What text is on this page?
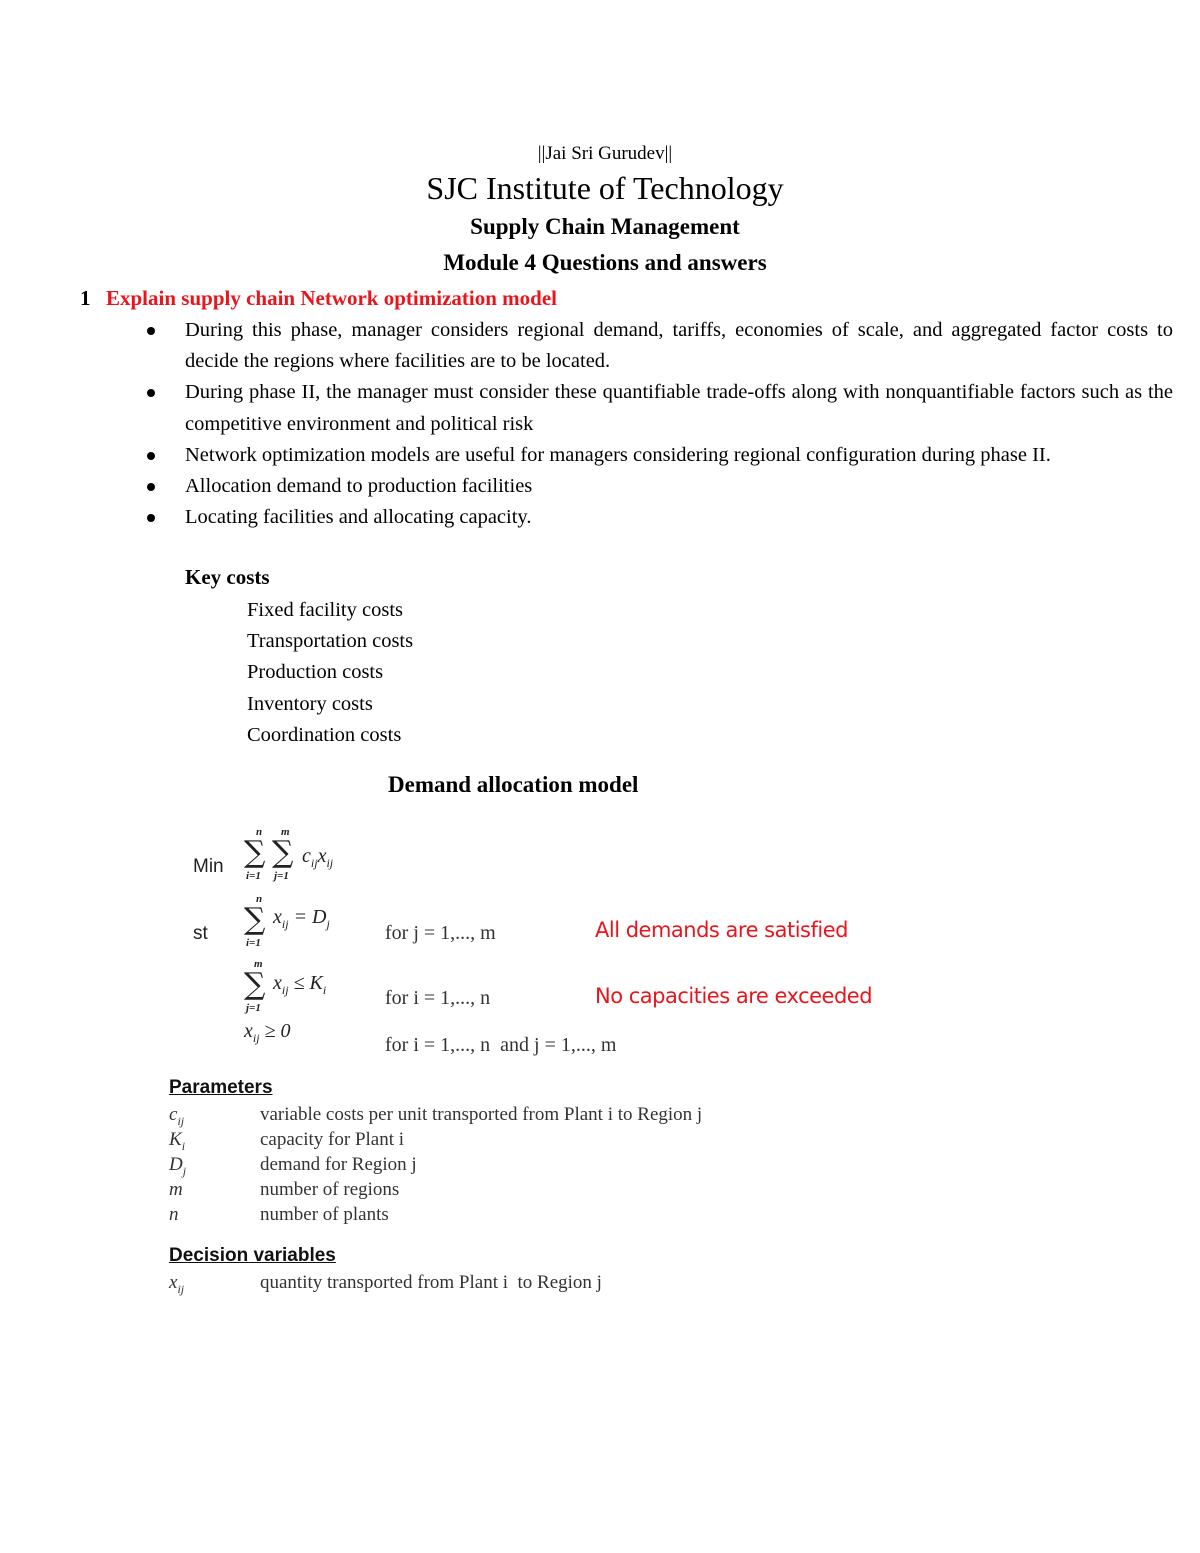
||Jai Sri Gurudev||
SJC Institute of Technology
Supply Chain Management
Module 4 Questions and answers
1 Explain supply chain Network optimization model
During this phase, manager considers regional demand, tariffs, economies of scale, and aggregated factor costs to decide the regions where facilities are to be located.
During phase II, the manager must consider these quantifiable trade-offs along with nonquantifiable factors such as the competitive environment and political risk
Network optimization models are useful for managers considering regional configuration during phase II.
Allocation demand to production facilities
Locating facilities and allocating capacity.
Key costs
Fixed facility costs
Transportation costs
Production costs
Inventory costs
Coordination costs
Demand allocation model
Min
n
∑
i=1
m
∑
j=1
$c_{ij}x_{ij}$
st
n
∑
i=1
$x_{ij} = D_j$	for j = 1,..., m	All demands are satisfied
m
∑
j=1
$x_{ij} \le K_i$	for i = 1,..., n	No capacities are exceeded
$x_{ij} \ge 0$
for i = 1,..., n  and j = 1,..., m
Parameters
$c_{ij}$	variable costs per unit transported from Plant i to Region j
$K_i$	capacity for Plant i
$D_j$	demand for Region j
m	number of regions
n	number of plants
Decision variables
$x_{ij}$	quantity transported from Plant i  to Region j
